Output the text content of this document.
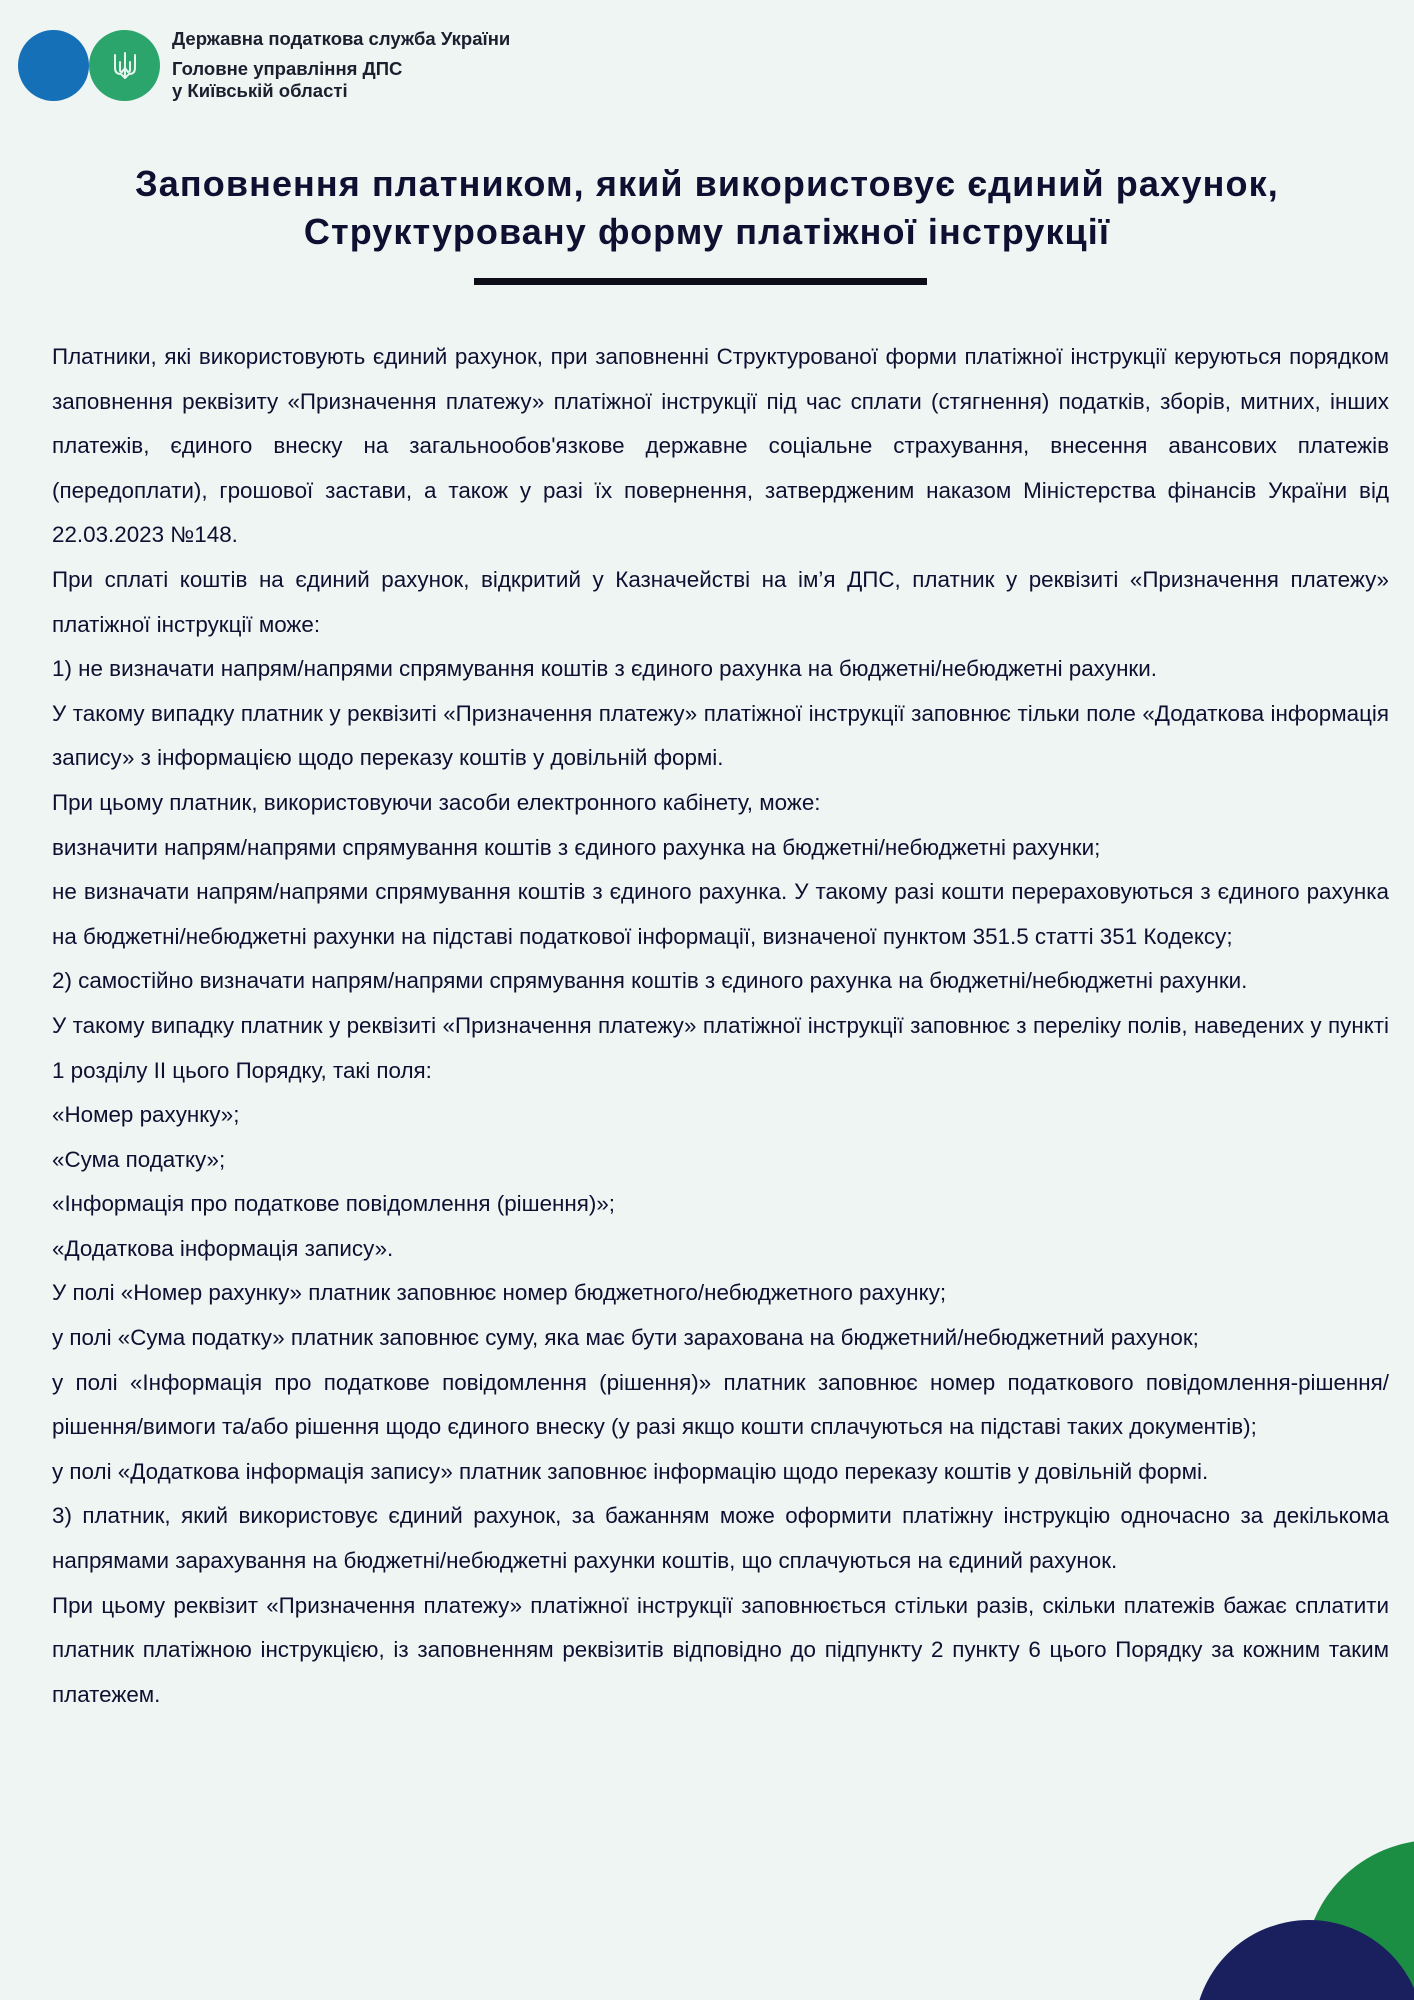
Державна податкова служба України
Головне управління ДПС
у Київській області
Заповнення платником, який використовує єдиний рахунок,
Структуровану форму платіжної інструкції

Платники, які використовують єдиний рахунок, при заповненні Структурованої форми платіжної інструкції керуються порядком заповнення реквізиту «Призначення платежу» платіжної інструкції під час сплати (стягнення) податків, зборів, митних, інших платежів, єдиного внеску на загальнообов'язкове державне соціальне страхування, внесення авансових платежів (передоплати), грошової застави, а також у разі їх повернення, затвердженим наказом Міністерства фінансів України від 22.03.2023 №148.

При сплаті коштів на єдиний рахунок, відкритий у Казначействі на ім’я ДПС, платник у реквізиті «Призначення платежу» платіжної інструкції може:

1) не визначати напрям/напрями спрямування коштів з єдиного рахунка на бюджетні/небюджетні рахунки.

У такому випадку платник у реквізиті «Призначення платежу» платіжної інструкції заповнює тільки поле «Додаткова інформація запису» з інформацією щодо переказу коштів у довільній формі.

При цьому платник, використовуючи засоби електронного кабінету, може:

визначити напрям/напрями спрямування коштів з єдиного рахунка на бюджетні/небюджетні рахунки;

не визначати напрям/напрями спрямування коштів з єдиного рахунка. У такому разі кошти перераховуються з єдиного рахунка на бюджетні/небюджетні рахунки на підставі податкової інформації, визначеної пунктом 351.5 статті 351 Кодексу;

2) самостійно визначати напрям/напрями спрямування коштів з єдиного рахунка на бюджетні/небюджетні рахунки.

У такому випадку платник у реквізиті «Призначення платежу» платіжної інструкції заповнює з переліку полів, наведених у пункті 1 розділу II цього Порядку, такі поля:

«Номер рахунку»;

«Сума податку»;

«Інформація про податкове повідомлення (рішення)»;

«Додаткова інформація запису».

У полі «Номер рахунку» платник заповнює номер бюджетного/небюджетного рахунку;

у полі «Сума податку» платник заповнює суму, яка має бути зарахована на бюджетний/небюджетний рахунок;

у полі «Інформація про податкове повідомлення (рішення)» платник заповнює номер податкового повідомлення-рішення/рішення/вимоги та/або рішення щодо єдиного внеску (у разі якщо кошти сплачуються на підставі таких документів);

у полі «Додаткова інформація запису» платник заповнює інформацію щодо переказу коштів у довільній формі.

3) платник, який використовує єдиний рахунок, за бажанням може оформити платіжну інструкцію одночасно за декількома напрямами зарахування на бюджетні/небюджетні рахунки коштів, що сплачуються на єдиний рахунок.

При цьому реквізит «Призначення платежу» платіжної інструкції заповнюється стільки разів, скільки платежів бажає сплатити платник платіжною інструкцією, із заповненням реквізитів відповідно до підпункту 2 пункту 6 цього Порядку за кожним таким платежем.
